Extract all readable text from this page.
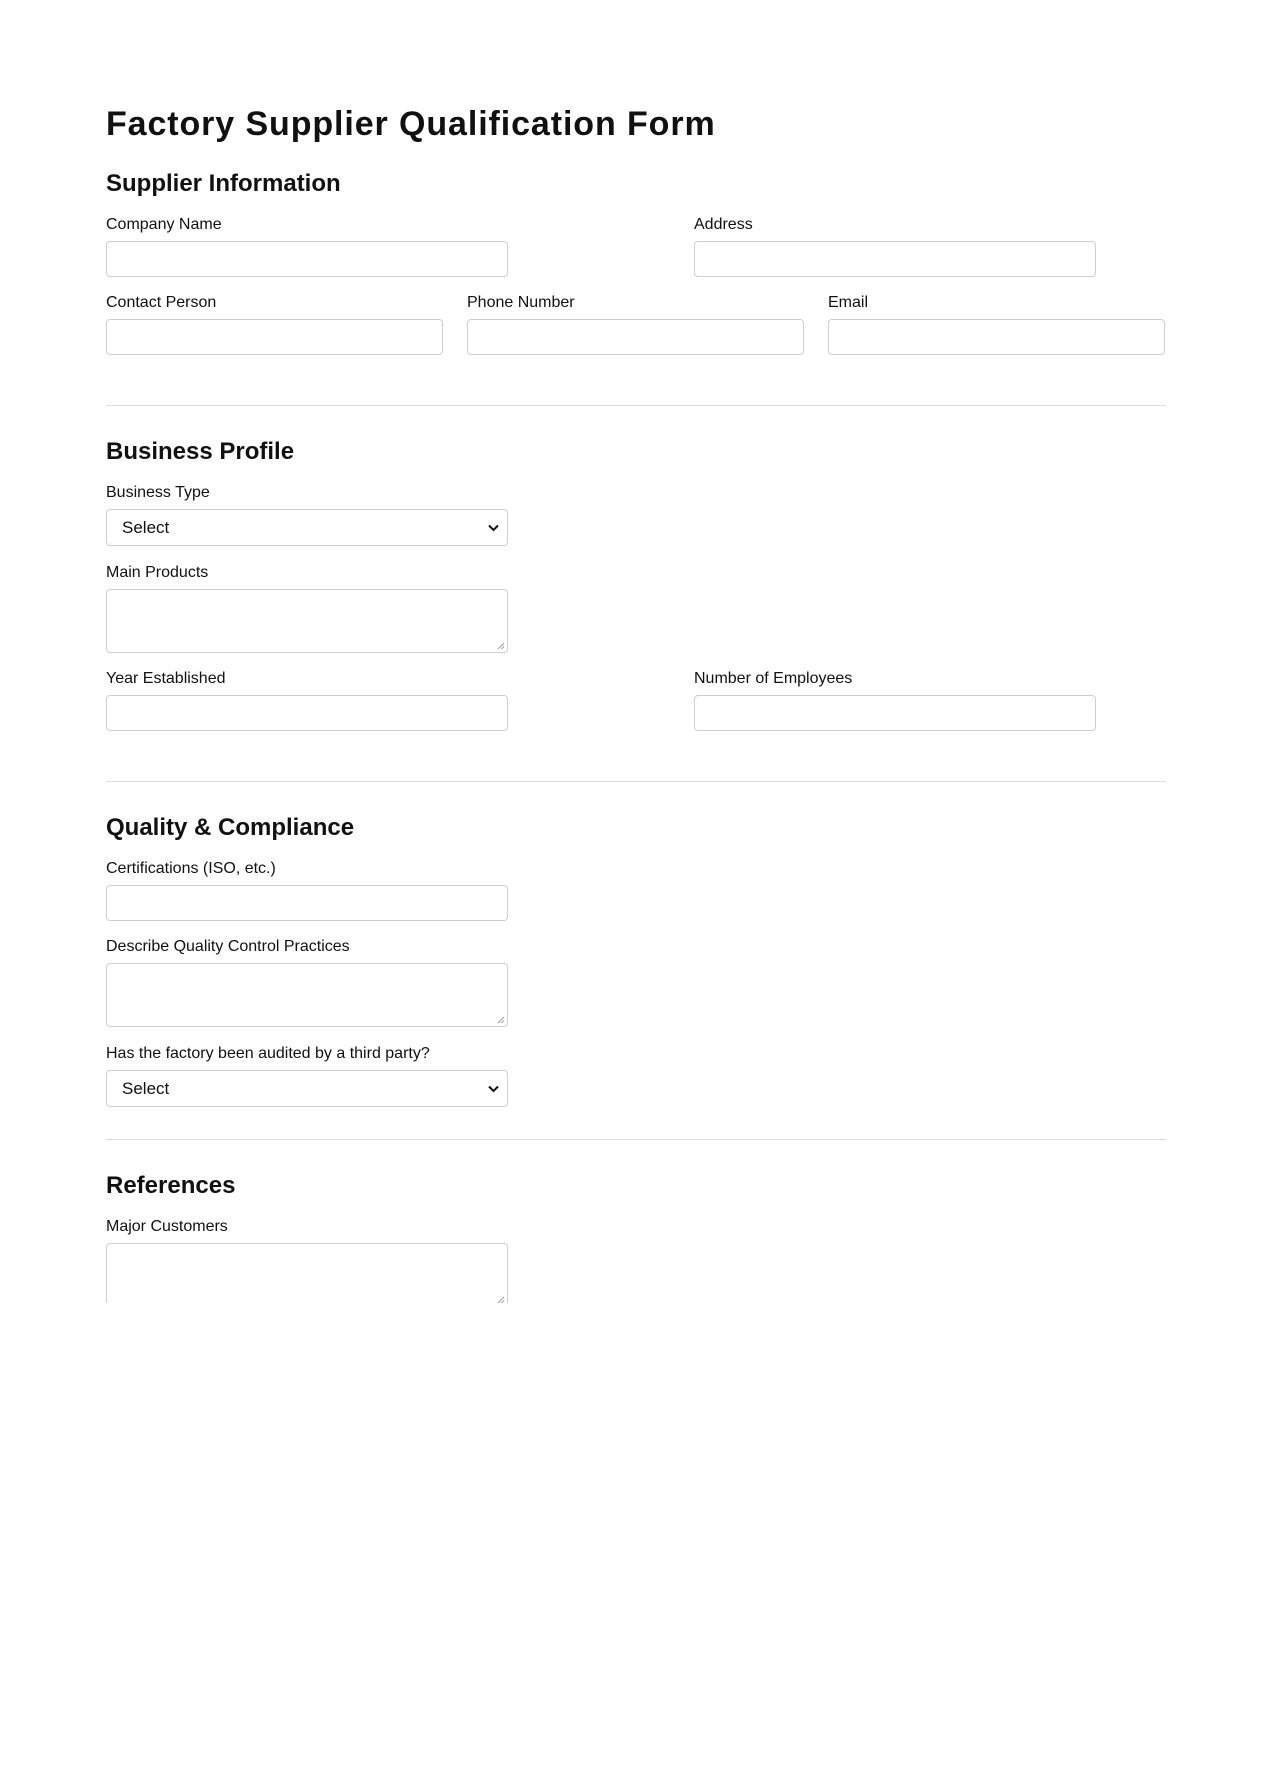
Factory Supplier Qualification Form
Supplier Information
Company Name	Address
Contact Person	Phone Number	Email
Business Profile
Business Type
Select
Main Products
Year Established	Number of Employees
Quality & Compliance
Certifications (ISO, etc.)
Describe Quality Control Practices
Has the factory been audited by a third party?
Select
References
Major Customers
